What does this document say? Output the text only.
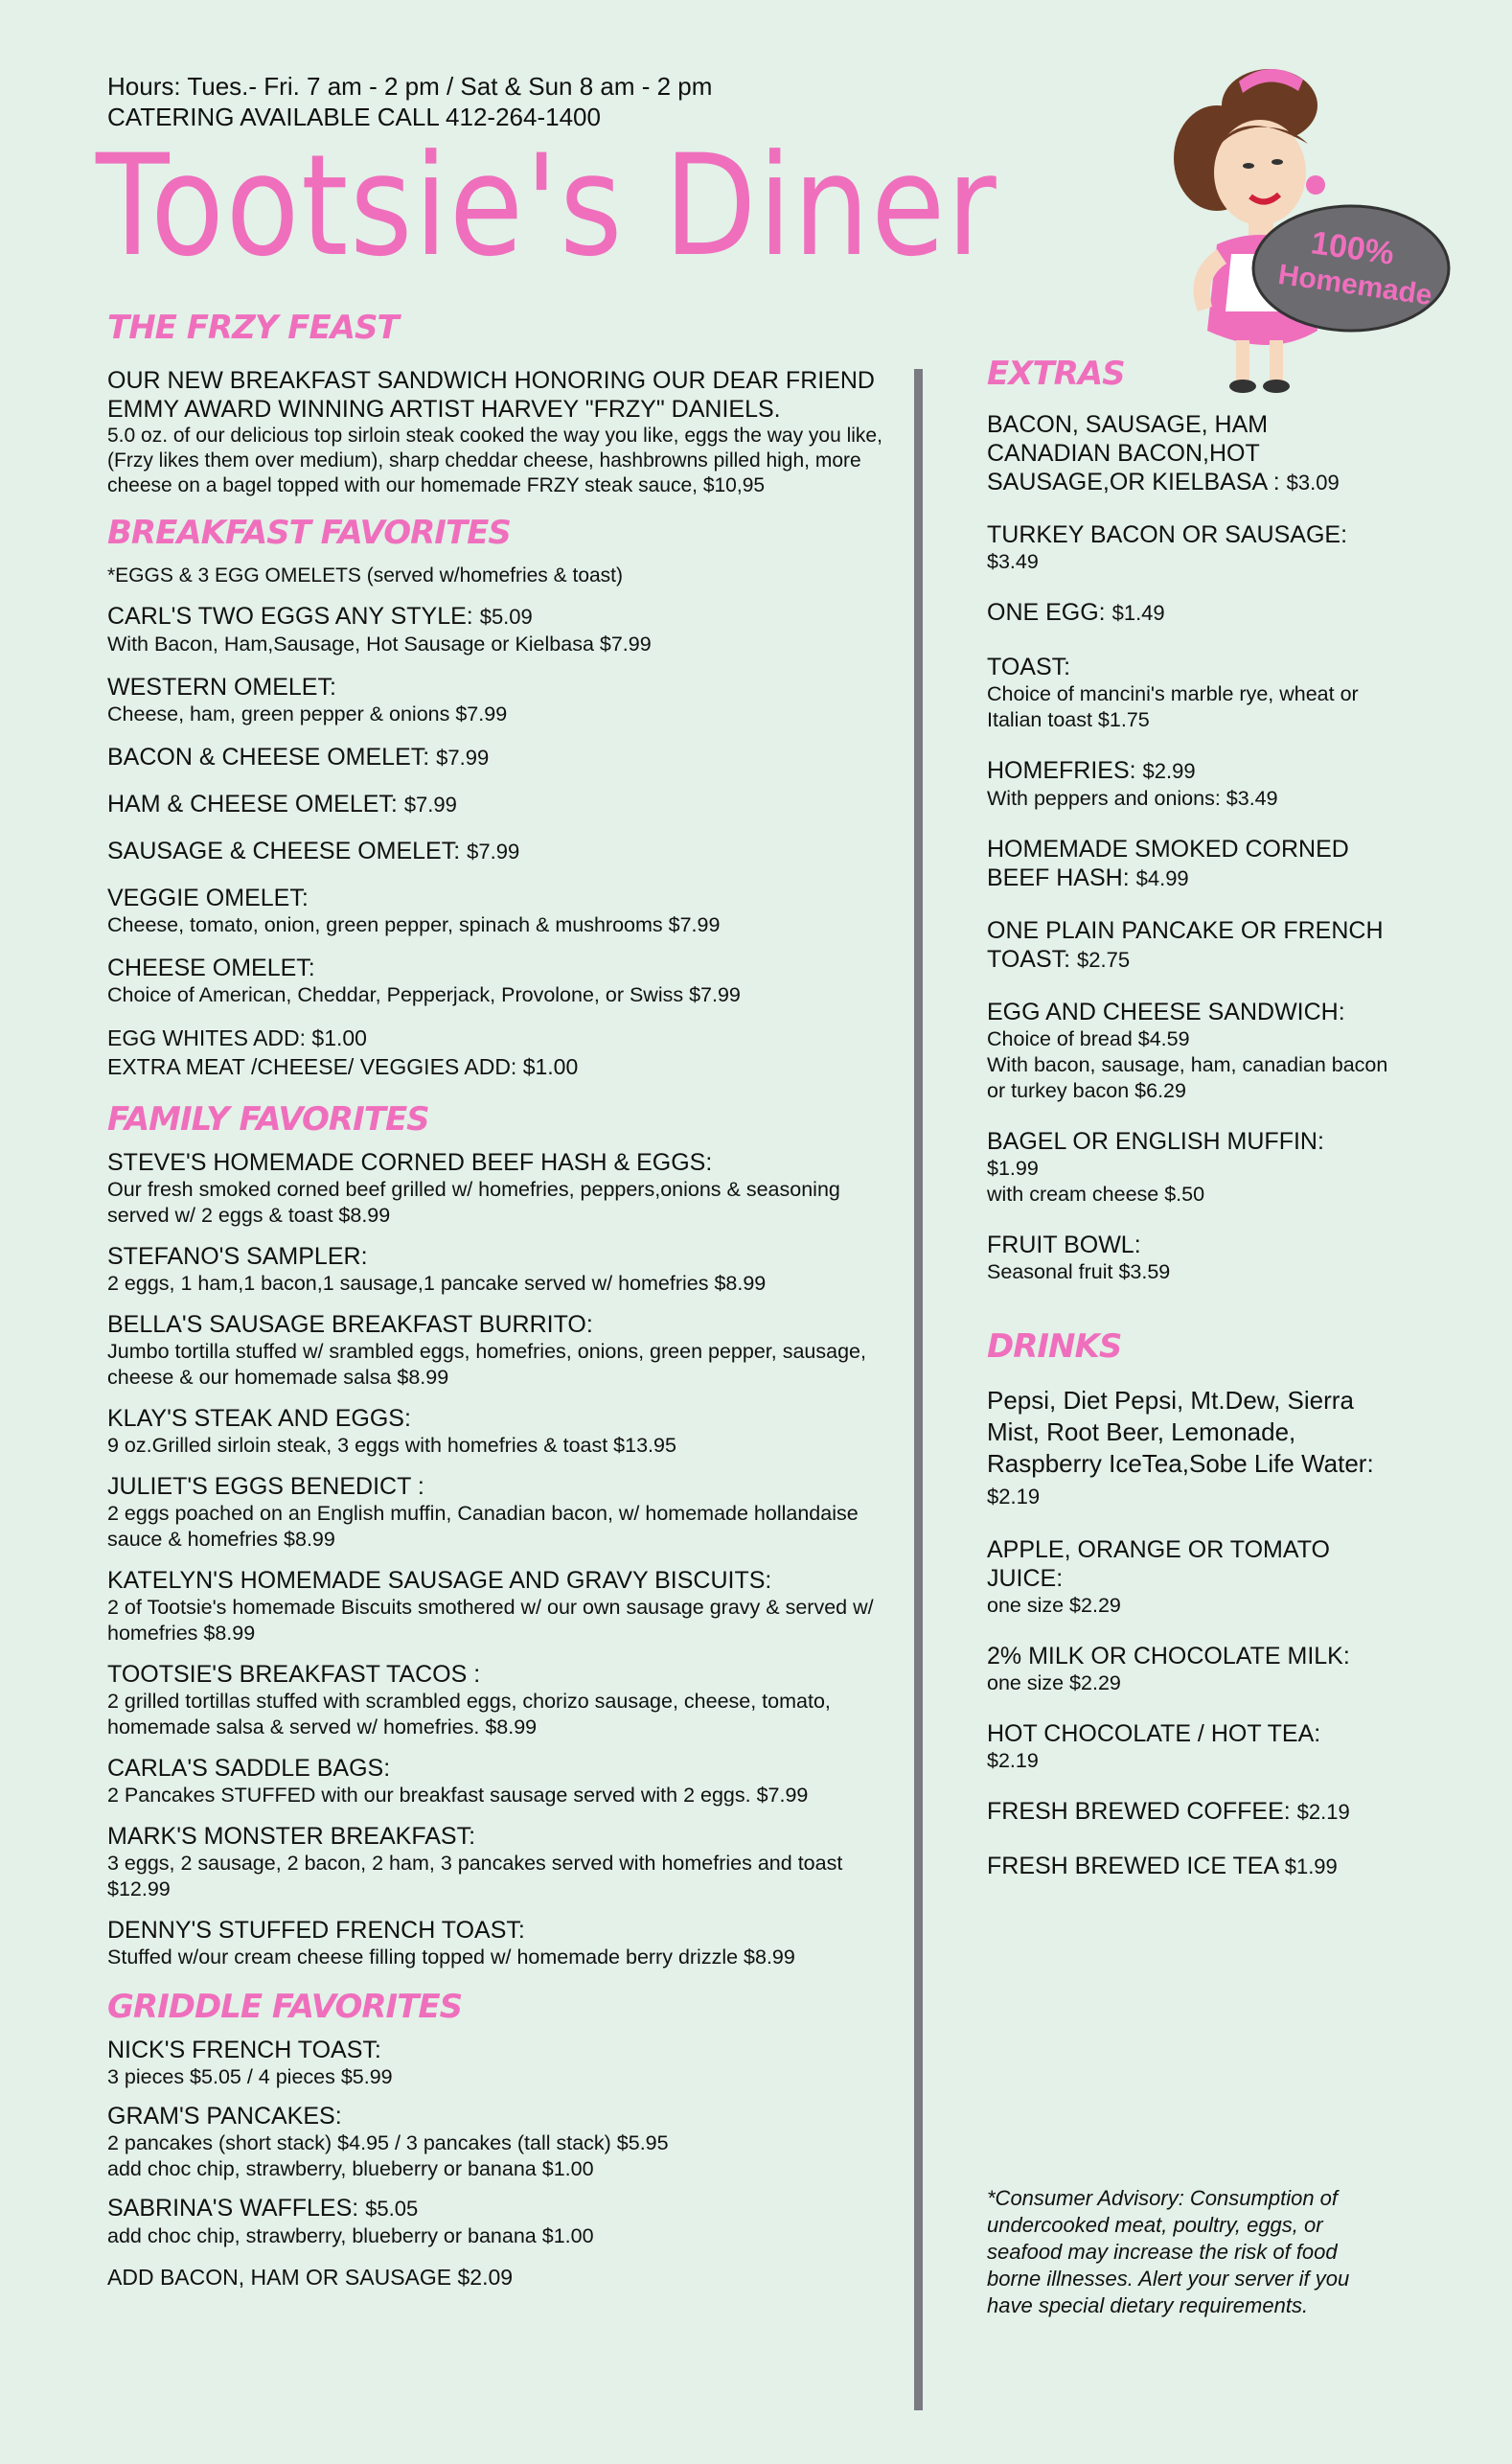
Hours: Tues.- Fri. 7 am - 2 pm / Sat & Sun 8 am - 2 pm
CATERING AVAILABLE CALL 412-264-1400
Tootsie's Diner	100%
Homemade
THE FRZY FEAST
OUR NEW BREAKFAST SANDWICH HONORING OUR DEAR FRIEND EMMY AWARD WINNING ARTIST HARVEY "FRZY" DANIELS.
5.0 oz. of our delicious top sirloin steak cooked the way you like, eggs the way you like, (Frzy likes them over medium), sharp cheddar cheese, hashbrowns pilled high, more cheese on a bagel topped with our homemade FRZY steak sauce, $10,95
BREAKFAST FAVORITES
*EGGS & 3 EGG OMELETS (served w/homefries & toast)
CARL'S TWO EGGS ANY STYLE: $5.09
With Bacon, Ham,Sausage, Hot Sausage or Kielbasa $7.99
WESTERN OMELET:
Cheese, ham, green pepper & onions $7.99
BACON & CHEESE OMELET: $7.99
HAM & CHEESE OMELET: $7.99
SAUSAGE & CHEESE OMELET: $7.99
VEGGIE OMELET:
Cheese, tomato, onion, green pepper, spinach & mushrooms $7.99
CHEESE OMELET:
Choice of American, Cheddar, Pepperjack, Provolone, or Swiss $7.99
EGG WHITES ADD: $1.00
EXTRA MEAT /CHEESE/ VEGGIES ADD: $1.00
FAMILY FAVORITES
STEVE'S HOMEMADE CORNED BEEF HASH & EGGS:
Our fresh smoked corned beef grilled w/ homefries, peppers,onions & seasoning served w/ 2 eggs & toast $8.99
STEFANO'S SAMPLER:
2 eggs, 1 ham,1 bacon,1 sausage,1 pancake served w/ homefries $8.99
BELLA'S SAUSAGE BREAKFAST BURRITO:
Jumbo tortilla stuffed w/ srambled eggs, homefries, onions, green pepper, sausage, cheese & our homemade salsa $8.99
KLAY'S STEAK AND EGGS:
9 oz.Grilled sirloin steak, 3 eggs with homefries & toast $13.95
JULIET'S EGGS BENEDICT :
2 eggs poached on an English muffin, Canadian bacon, w/ homemade hollandaise sauce & homefries $8.99
KATELYN'S HOMEMADE SAUSAGE AND GRAVY BISCUITS:
2 of Tootsie's homemade Biscuits smothered w/ our own sausage gravy & served w/ homefries $8.99
TOOTSIE'S BREAKFAST TACOS :
2 grilled tortillas stuffed with scrambled eggs, chorizo sausage, cheese, tomato, homemade salsa & served w/ homefries. $8.99
CARLA'S SADDLE BAGS:
2 Pancakes STUFFED with our breakfast sausage served with 2 eggs. $7.99
MARK'S MONSTER BREAKFAST:
3 eggs, 2 sausage, 2 bacon, 2 ham, 3 pancakes served with homefries and toast $12.99
DENNY'S STUFFED FRENCH TOAST:
Stuffed w/our cream cheese filling topped w/ homemade berry drizzle $8.99
GRIDDLE FAVORITES
NICK'S FRENCH TOAST:
3 pieces $5.05 / 4 pieces $5.99
GRAM'S PANCAKES:
2 pancakes (short stack) $4.95 / 3 pancakes (tall stack) $5.95
add choc chip, strawberry, blueberry or banana $1.00
SABRINA'S WAFFLES: $5.05
add choc chip, strawberry, blueberry or banana $1.00
ADD BACON, HAM OR SAUSAGE $2.09
EXTRAS
BACON, SAUSAGE, HAM CANADIAN BACON,HOT SAUSAGE,OR KIELBASA : $3.09
TURKEY BACON OR SAUSAGE:
$3.49
ONE EGG: $1.49
TOAST:
Choice of mancini's marble rye, wheat or Italian toast $1.75
HOMEFRIES: $2.99
With peppers and onions: $3.49
HOMEMADE SMOKED CORNED BEEF HASH: $4.99
ONE PLAIN PANCAKE OR FRENCH TOAST: $2.75
EGG AND CHEESE SANDWICH:
Choice of bread $4.59
With bacon, sausage, ham, canadian bacon or turkey bacon $6.29
BAGEL OR ENGLISH MUFFIN:
$1.99
with cream cheese $.50
FRUIT BOWL:
Seasonal fruit $3.59
DRINKS
Pepsi, Diet Pepsi, Mt.Dew, Sierra Mist, Root Beer, Lemonade, Raspberry IceTea,Sobe Life Water: $2.19
APPLE, ORANGE OR TOMATO JUICE:
one size $2.29
2% MILK OR CHOCOLATE MILK:
one size $2.29
HOT CHOCOLATE / HOT TEA:
$2.19
FRESH BREWED COFFEE: $2.19
FRESH BREWED ICE TEA $1.99
*Consumer Advisory: Consumption of undercooked meat, poultry, eggs, or seafood may increase the risk of food borne illnesses. Alert your server if you have special dietary requirements.
